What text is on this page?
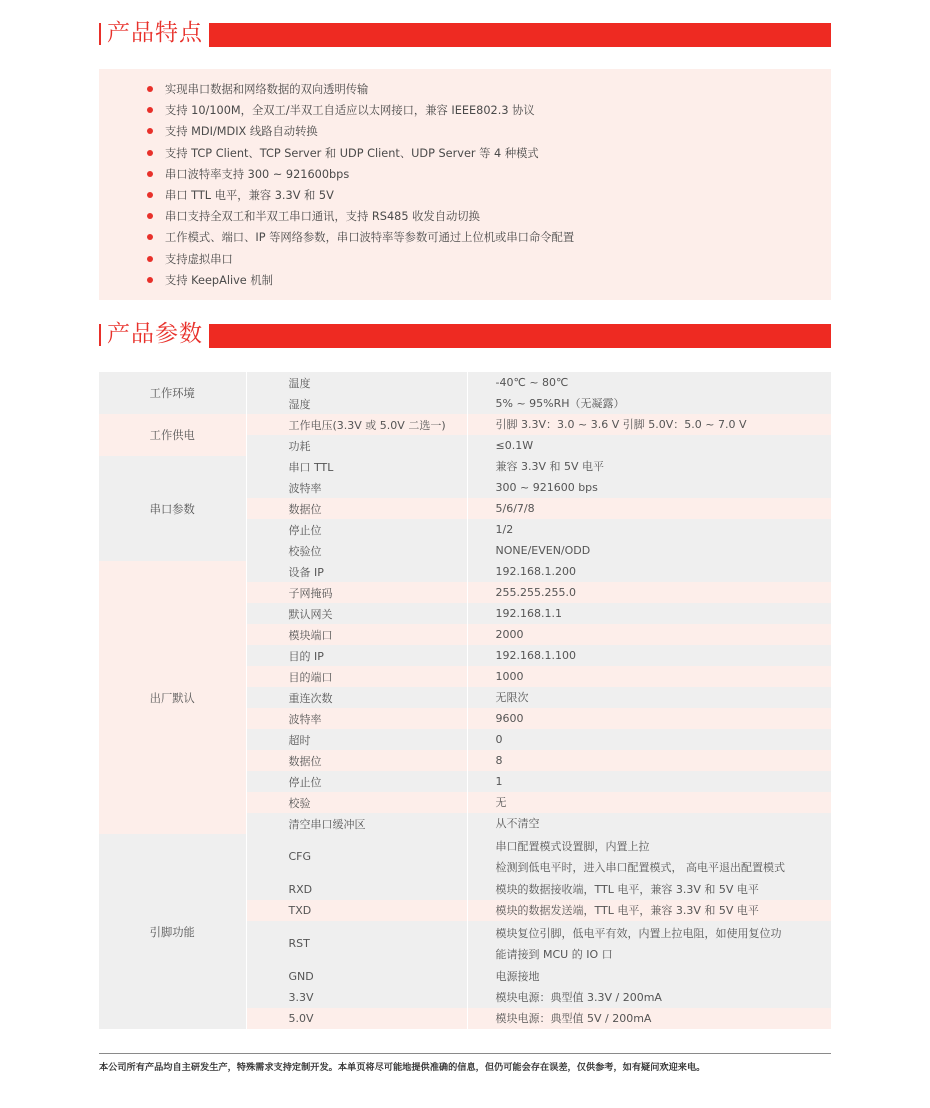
产品特点
实现串口数据和网络数据的双向透明传输
支持 10/100M，全双工/半双工自适应以太网接口，兼容 IEEE802.3 协议
支持 MDI/MDIX 线路自动转换
支持 TCP Client、TCP Server 和 UDP Client、UDP Server 等 4 种模式
串口波特率支持 300 ~ 921600bps
串口 TTL 电平，兼容 3.3V 和 5V
串口支持全双工和半双工串口通讯，支持 RS485 收发自动切换
工作模式、端口、IP 等网络参数，串口波特率等参数可通过上位机或串口命令配置
支持虚拟串口
支持 KeepAlive 机制
产品参数
工作环境	温度	-40℃ ~ 80℃

	湿度	5% ~ 95%RH（无凝露）

工作供电	工作电压(3.3V 或 5.0V 二选一)	引脚 3.3V：3.0 ~ 3.6 V 引脚 5.0V：5.0 ~ 7.0 V

	功耗	≤0.1W

串口参数	串口 TTL	兼容 3.3V 和 5V 电平

	波特率	300 ~ 921600 bps

	数据位	5/6/7/8

	停止位	1/2

	校验位	NONE/EVEN/ODD

出厂默认	设备 IP	192.168.1.200

	子网掩码	255.255.255.0

	默认网关	192.168.1.1

	模块端口	2000

	目的 IP	192.168.1.100

	目的端口	1000

	重连次数	无限次

	波特率	9600

	超时	0

	数据位	8

	停止位	1

	校验	无

	清空串口缓冲区	从不清空

引脚功能	CFG	串口配置模式设置脚，内置上拉
检测到低电平时，进入串口配置模式， 高电平退出配置模式

	RXD	模块的数据接收端，TTL 电平，兼容 3.3V 和 5V 电平

	TXD	模块的数据发送端，TTL 电平，兼容 3.3V 和 5V 电平

	RST	模块复位引脚，低电平有效，内置上拉电阻，如使用复位功
能请接到 MCU 的 IO 口

	GND	电源接地

	3.3V	模块电源：典型值 3.3V / 200mA

	5.0V	模块电源：典型值 5V / 200mA
本公司所有产品均自主研发生产，特殊需求支持定制开发。本单页将尽可能地提供准确的信息，但仍可能会存在误差，仅供参考，如有疑问欢迎来电。
